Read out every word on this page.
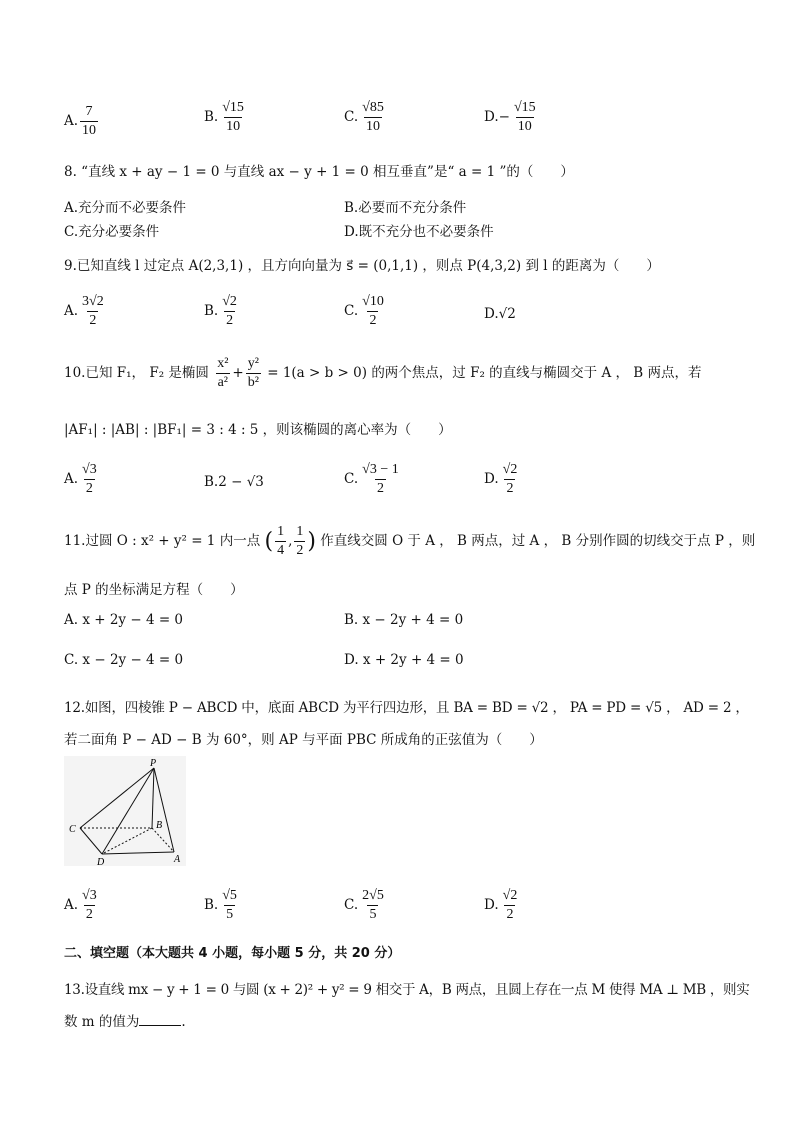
A. $\frac{7}{10}$	B. $\frac{√15}{10}$	C. $\frac{√85}{10}$	$D.- \frac{√15}{10}$
8. “直线 x + ay − 1 = 0 与直线 ax − y + 1 = 0 相互垂直”是“ a = 1 ”的（　　）
A.充分而不必要条件	B.必要而不充分条件
C.充分必要条件	D.既不充分也不必要条件
9.已知直线 l 过定点 A(2,3,1) ，且方向向量为 s⃗ = (0,1,1) ，则点 P(4,3,2) 到 l 的距离为（　　）
A. $\frac{3√2}{2}$	B. $\frac{√2}{2}$	C. $\frac{√10}{2}$	D.√2
10.已知 F₁， F₂ 是椭圆 $\frac{\text{x²}}{\text{a²}} + \frac{\text{y²}}{\text{b²}} = 1(a > b > 0)$ 的两个焦点，过 F₂ 的直线与椭圆交于 A ， B 两点，若
|AF₁| : |AB| : |BF₁| = 3 : 4 : 5 ，则该椭圆的离心率为（　　）
A. $\frac{√3}{2}$	B.2 − √3	C. $\frac{√3 - 1}{2}$	D. $\frac{√2}{2}$
11.过圆 O : x² + y² = 1 内一点 ( $\frac{1}{4}$ , $\frac{1}{2}$ ) 作直线交圆 O 于 A ， B 两点，过 A ， B 分别作圆的切线交于点 P ，则
点 P 的坐标满足方程（　　）
A. x + 2y − 4 = 0	B. x − 2y + 4 = 0
C. x − 2y − 4 = 0	D. x + 2y + 4 = 0
12.如图，四棱锥 P − ABCD 中，底面 ABCD 为平行四边形，且 BA = BD = √2 ， PA = PD = √5 ， AD = 2 ，
若二面角 P − AD − B 为 60°，则 AP 与平面 PBC 所成角的正弦值为（　　）
P
B
C
D	A
A. $\frac{√3}{2}$	B. $\frac{√5}{5}$	C. $\frac{2√5}{5}$	D. $\frac{√2}{2}$
二、填空题（本大题共 4 小题，每小题 5 分，共 20 分）
13.设直线 mx − y + 1 = 0 与圆 (x + 2)² + y² = 9 相交于 A，B 两点，且圆上存在一点 M 使得 MA ⊥ MB ，则实
数 m 的值为	.
